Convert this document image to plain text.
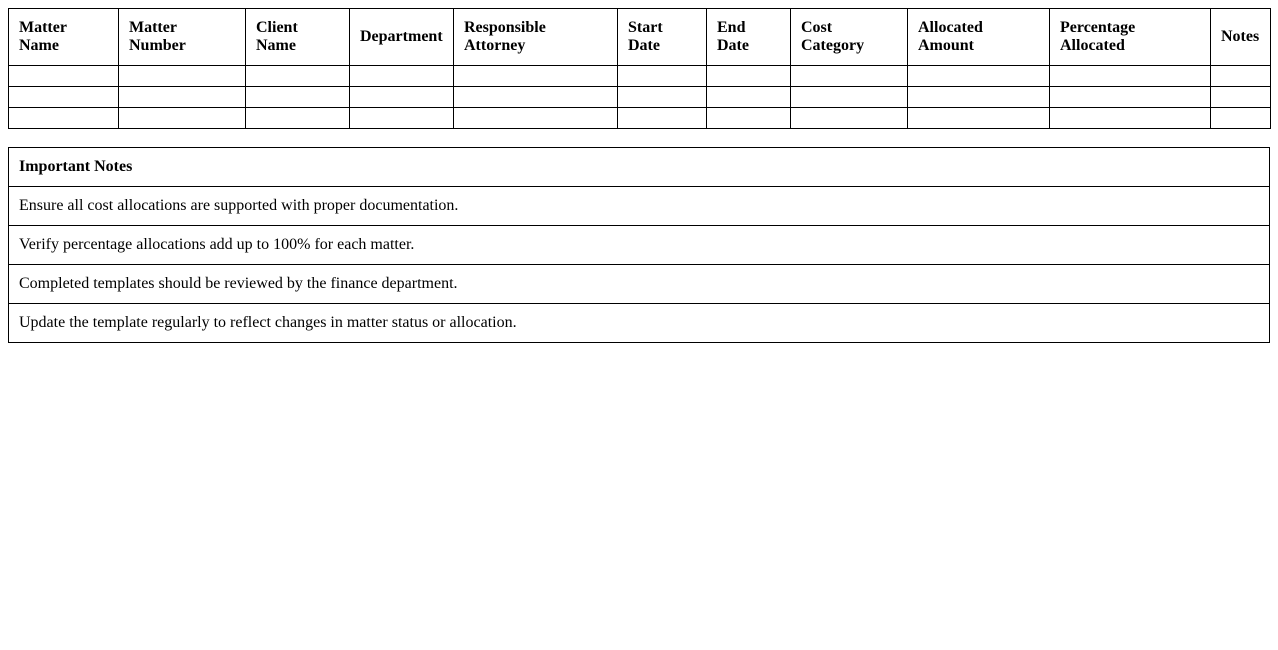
Matter Name	Matter Number	Client Name	Department	Responsible Attorney	Start Date	End Date	Cost Category	Allocated Amount	Percentage Allocated	Notes

Important Notes
Ensure all cost allocations are supported with proper documentation.
Verify percentage allocations add up to 100% for each matter.
Completed templates should be reviewed by the finance department.
Update the template regularly to reflect changes in matter status or allocation.
